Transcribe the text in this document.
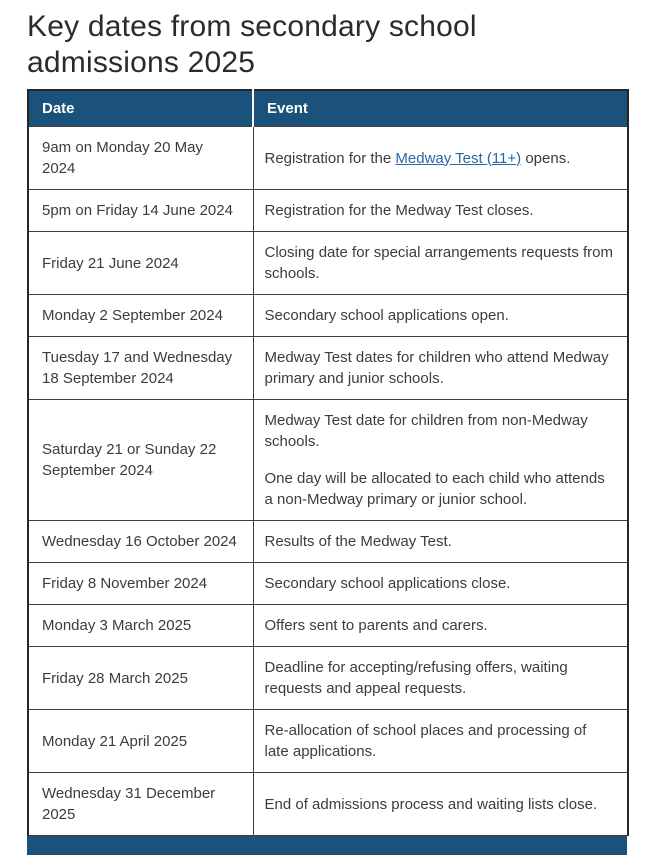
Key dates from secondary school admissions 2025
Date	Event
9am on Monday 20 May 2024	Registration for the Medway Test (11+) opens.

5pm on Friday 14 June 2024	Registration for the Medway Test closes.

Friday 21 June 2024	Closing date for special arrangements requests from schools.

Monday 2 September 2024	Secondary school applications open.

Tuesday 17 and Wednesday 18 September 2024	Medway Test dates for children who attend Medway primary and junior schools.

Saturday 21 or Sunday 22 September 2024	Medway Test date for children from non-Medway schools.

One day will be allocated to each child who attends a non-Medway primary or junior school.

Wednesday 16 October 2024	Results of the Medway Test.

Friday 8 November 2024	Secondary school applications close.

Monday 3 March 2025	Offers sent to parents and carers.

Friday 28 March 2025	Deadline for accepting/refusing offers, waiting requests and appeal requests.

Monday 21 April 2025	Re-allocation of school places and processing of late applications.

Wednesday 31 December 2025	End of admissions process and waiting lists close.
